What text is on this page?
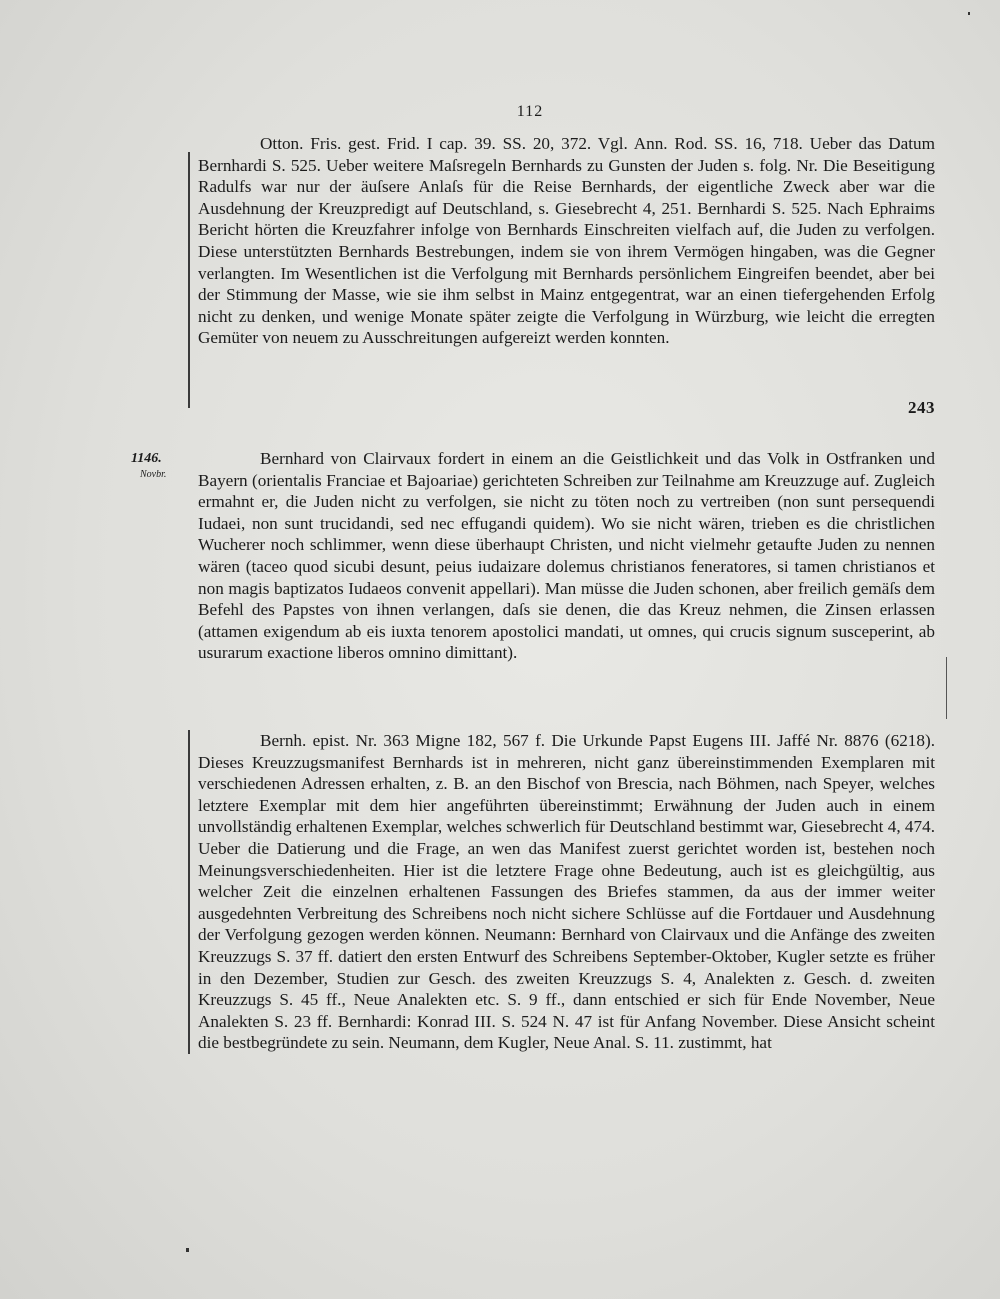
112

Otton. Fris. gest. Frid. I cap. 39. SS. 20, 372. Vgl. Ann. Rod. SS. 16, 718. Ueber das Datum Bernhardi S. 525. Ueber weitere Maſsregeln Bernhards zu Gunsten der Juden s. folg. Nr. Die Beseitigung Radulfs war nur der äuſsere Anlaſs für die Reise Bernhards, der eigentliche Zweck aber war die Ausdehnung der Kreuzpredigt auf Deutschland, s. Giesebrecht 4, 251. Bernhardi S. 525. Nach Ephraims Bericht hörten die Kreuzfahrer infolge von Bernhards Einschreiten vielfach auf, die Juden zu verfolgen. Diese unterstützten Bernhards Bestrebungen, indem sie von ihrem Vermögen hingaben, was die Gegner verlangten. Im Wesentlichen ist die Verfolgung mit Bernhards persönlichem Eingreifen beendet, aber bei der Stimmung der Masse, wie sie ihm selbst in Mainz entgegentrat, war an einen tiefergehenden Erfolg nicht zu denken, und wenige Monate später zeigte die Verfolgung in Würzburg, wie leicht die erregten Gemüter von neuem zu Ausschreitungen aufgereizt werden konnten.

243
1146.
Novbr.

Bernhard von Clairvaux fordert in einem an die Geistlichkeit und das Volk in Ostfranken und Bayern (orientalis Franciae et Bajoariae) gerichteten Schreiben zur Teilnahme am Kreuzzuge auf. Zugleich ermahnt er, die Juden nicht zu verfolgen, sie nicht zu töten noch zu vertreiben (non sunt persequendi Iudaei, non sunt trucidandi, sed nec effugandi quidem). Wo sie nicht wären, trieben es die christlichen Wucherer noch schlimmer, wenn diese überhaupt Christen, und nicht vielmehr getaufte Juden zu nennen wären (taceo quod sicubi desunt, peius iudaizare dolemus christianos feneratores, si tamen christianos et non magis baptizatos Iudaeos convenit appellari). Man müsse die Juden schonen, aber freilich gemäſs dem Befehl des Papstes von ihnen verlangen, daſs sie denen, die das Kreuz nehmen, die Zinsen erlassen (attamen exigendum ab eis iuxta tenorem apostolici mandati, ut omnes, qui crucis signum susceperint, ab usurarum exactione liberos omnino dimittant).

Bernh. epist. Nr. 363 Migne 182, 567 f. Die Urkunde Papst Eugens III. Jaffé Nr. 8876 (6218). Dieses Kreuzzugsmanifest Bernhards ist in mehreren, nicht ganz übereinstimmenden Exemplaren mit verschiedenen Adressen erhalten, z. B. an den Bischof von Brescia, nach Böhmen, nach Speyer, welches letztere Exemplar mit dem hier angeführten übereinstimmt; Erwähnung der Juden auch in einem unvollständig erhaltenen Exemplar, welches schwerlich für Deutschland bestimmt war, Giesebrecht 4, 474. Ueber die Datierung und die Frage, an wen das Manifest zuerst gerichtet worden ist, bestehen noch Meinungsverschiedenheiten. Hier ist die letztere Frage ohne Bedeutung, auch ist es gleichgültig, aus welcher Zeit die einzelnen erhaltenen Fassungen des Briefes stammen, da aus der immer weiter ausgedehnten Verbreitung des Schreibens noch nicht sichere Schlüsse auf die Fortdauer und Ausdehnung der Verfolgung gezogen werden können. Neumann: Bernhard von Clairvaux und die Anfänge des zweiten Kreuzzugs S. 37 ff. datiert den ersten Entwurf des Schreibens September-Oktober, Kugler setzte es früher in den Dezember, Studien zur Gesch. des zweiten Kreuzzugs S. 4, Analekten z. Gesch. d. zweiten Kreuzzugs S. 45 ff., Neue Analekten etc. S. 9 ff., dann entschied er sich für Ende November, Neue Analekten S. 23 ff. Bernhardi: Konrad III. S. 524 N. 47 ist für Anfang November. Diese Ansicht scheint die bestbegründete zu sein. Neumann, dem Kugler, Neue Anal. S. 11. zustimmt, hat
